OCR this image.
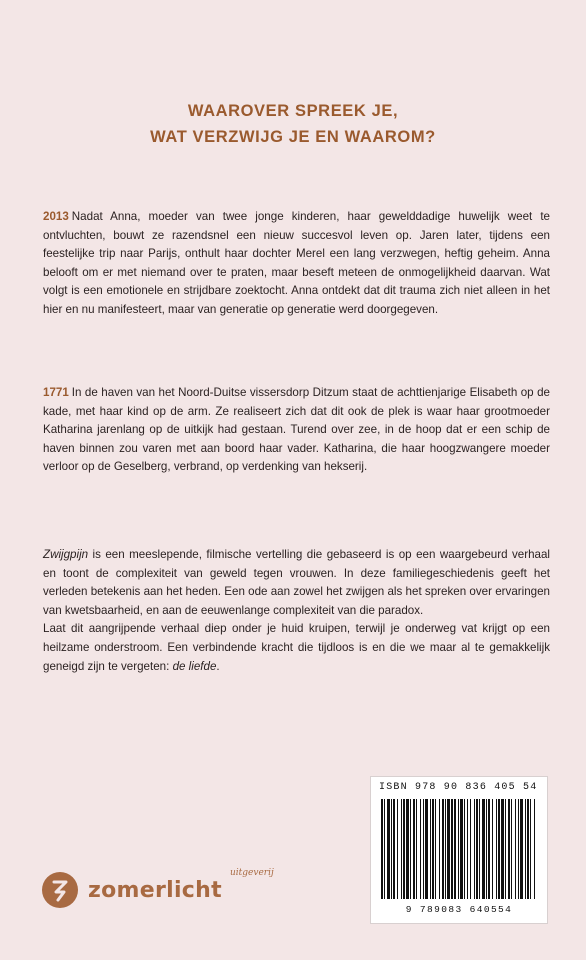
WAAROVER SPREEK JE,
WAT VERZWIJG JE EN WAAROM?
2013 Nadat Anna, moeder van twee jonge kinderen, haar gewelddadige huwelijk weet te ontvluchten, bouwt ze razendsnel een nieuw succesvol leven op. Jaren later, tijdens een feestelijke trip naar Parijs, onthult haar dochter Merel een lang verzwegen, heftig geheim. Anna belooft om er met niemand over te praten, maar beseft meteen de onmogelijkheid daarvan. Wat volgt is een emotionele en strijdbare zoektocht. Anna ontdekt dat dit trauma zich niet alleen in het hier en nu manifesteert, maar van generatie op generatie werd doorgegeven.
1771 In de haven van het Noord-Duitse vissersdorp Ditzum staat de achttienjarige Elisabeth op de kade, met haar kind op de arm. Ze realiseert zich dat dit ook de plek is waar haar grootmoeder Katharina jarenlang op de uitkijk had gestaan. Turend over zee, in de hoop dat er een schip de haven binnen zou varen met aan boord haar vader. Katharina, die haar hoogzwangere moeder verloor op de Geselberg, verbrand, op verdenking van hekserij.
Zwijgpijn is een meeslepende, filmische vertelling die gebaseerd is op een waargebeurd verhaal en toont de complexiteit van geweld tegen vrouwen. In deze familiegeschiedenis geeft het verleden betekenis aan het heden. Een ode aan zowel het zwijgen als het spreken over ervaringen van kwetsbaarheid, en aan de eeuwenlange complexiteit van die paradox.
Laat dit aangrijpende verhaal diep onder je huid kruipen, terwijl je onderweg vat krijgt op een heilzame onderstroom. Een verbindende kracht die tijdloos is en die we maar al te gemakkelijk geneigd zijn te vergeten: de liefde.
ISBN 978 90 836 405 54
9 789083 640554
zomerlicht
uitgeverij
